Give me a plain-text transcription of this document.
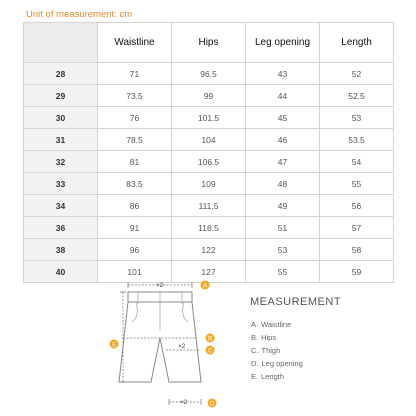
Unit of measurement: cm
	Waistline	Hips	Leg opening	Length
28	71	96.5	43	52
29	73.5	99	44	52.5
30	76	101.5	45	53
31	78.5	104	46	53.5
32	81	106.5	47	54
33	83.5	109	48	55
34	86	111.5	49	56
36	91	116.5	51	57
38	96	122	53	58
40	101	127	55	59
×2	A
B
×2
C
E
×2	D
MEASUREMENT
A. Waistline
B. Hips
C. Thigh
D. Leg opening
E. Length
